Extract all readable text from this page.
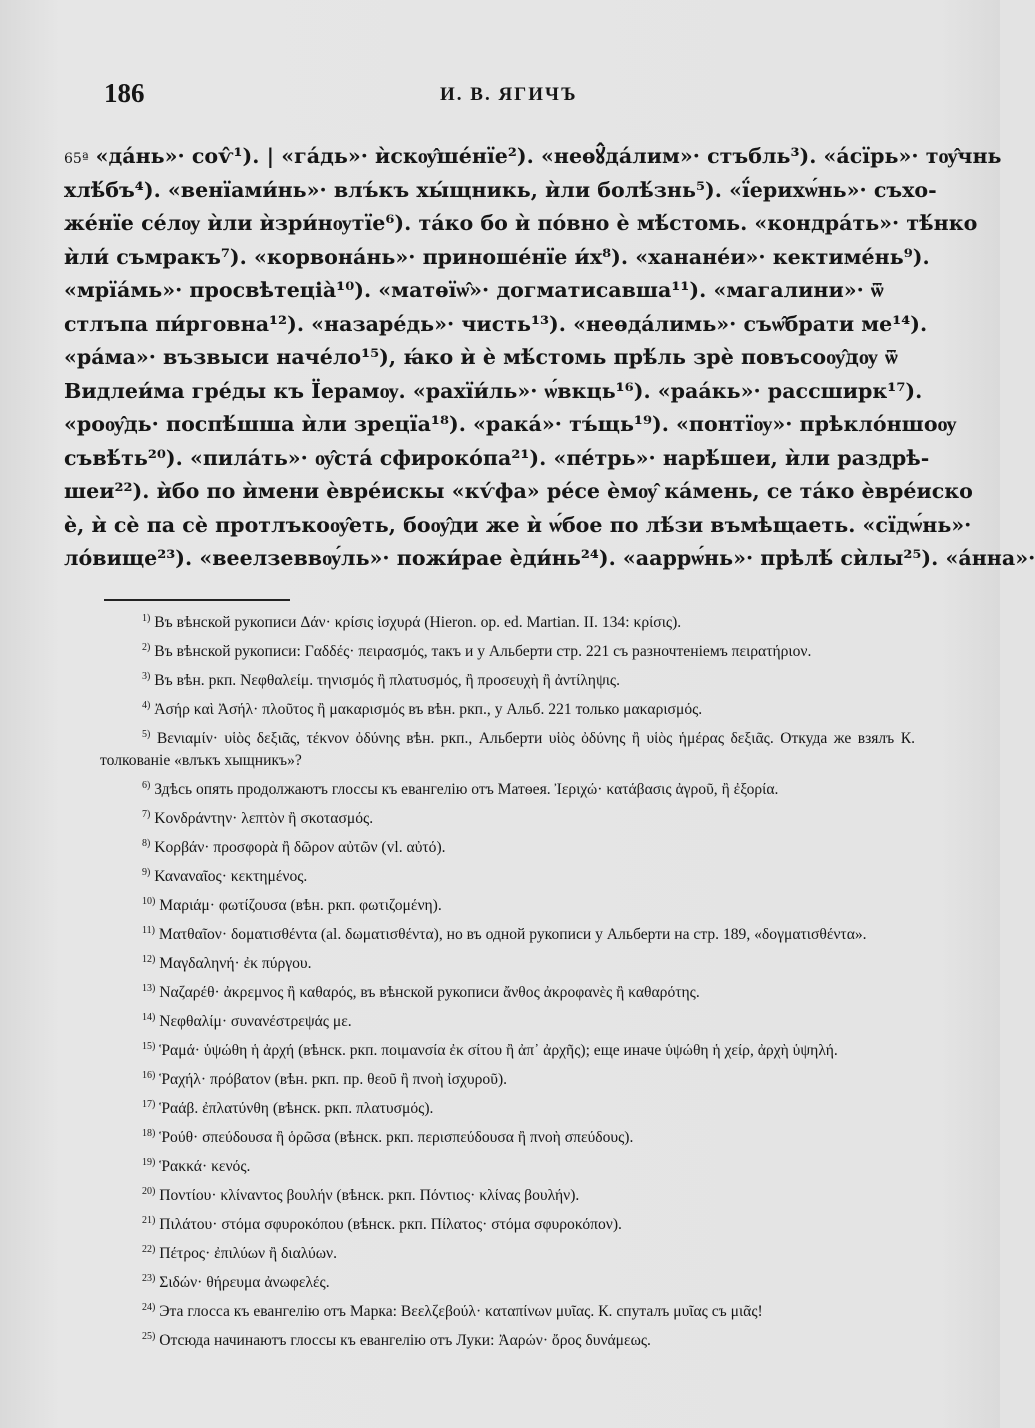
186	И. В. ЯГИЧЪ
65ª «дáнь»· соѵ̂¹). | «гáдь»· ѝскѹ̂шéнїе²). «неѳꙋ̂дáлим»· стъбль³). «áсїрь»· тѹ̂чнь
хлѣ́бъ⁴). «венїами́нь»· влъ́къ хы́щникь, ѝли болѣ́знь⁵). «ї́ерихѡ́нь»· съхо-
жéнїе сéлѹ ѝли ѝзри́нѹтїе⁶). тáко бо ѝ пóвно ѐ мѣ́стомь. «кондрáть»· тѣ́нко
ѝли́ съмракъ⁷). «корвонáнь»· приношéнїе и́х⁸). «хананéи»· кектимéнь⁹).
«мрїáмь»· просвѣтеціа̀¹⁰). «матѳїѡ̂»· догматисавша¹¹). «магалини»· ѿ
стлъпа пи́рговна¹²). «назарéдь»· чисть¹³). «неѳдáлимь»· съѡ̂брати ме¹⁴).
«рáма»· възвыси начéло¹⁵), ꙗ́ко ѝ ѐ мѣ́стомь прѣ́ль зрѐ повъсоѹ̂дѹ ѿ
Видлеи́ма грéды къ Їерамѹ. «рахїи́ль»· ѡ́вкць¹⁶). «раáкь»· рассширк¹⁷).
«роѹ̂дь· поспѣ́шша ѝли зрецїа¹⁸). «ракá»· тъ́щь¹⁹). «понтїѹ»· прѣклóншоѹ
съвѣ́ть²⁰). «пилáть»· ѹ̂стá сфирокóпа²¹). «пéтрь»· нарѣ́шеи, ѝли раздрѣ-
шеи²²). ѝбо по ѝмени ѐврéискы «кѵ́фа» рéсе ѐмѹ̂ кáмень, се тáко ѐврéиско
ѐ, ѝ сѐ па сѐ протлъкоѹ̂еть, боѹ̂ди же ѝ ѡ́бое по лѣ́зи въмѣщаеть. «сїдѡ́нь»·
лóвище²³). «веелзеввѹ́ль»· пожи́рае ѐди́нь²⁴). «ааррѡ́нь»· прѣлѣ́ сѝлы²⁵). «áнна»·

$^{1)}$ Въ вѣнской рукописи Δάν· κρίσις ἰσχυρά (Hieron. op. ed. Martian. II. 134: κρίσις).

$^{2)}$ Въ вѣнской рукописи: Γαδδές· πειρασμός, такъ и у Альберти стр. 221 съ разночтеніемъ πειρατήριον.

$^{3)}$ Въ вѣн. ркп. Νεφθαλείμ. τηνισμός ἢ πλατυσμός, ἢ προσευχὴ ἢ ἀντίληψις.

$^{4)}$ Ἀσήρ καὶ Ἀσήλ· πλοῦτος ἢ μακαρισμός въ вѣн. ркп., у Альб. 221 только μακαρισμός.

$^{5)}$ Βενιαμίν· υἱὸς δεξιᾶς, τέκνον ὀδύνης вѣн. ркп., Альберти υἱὸς ὀδύνης ἢ υἱὸς ἡμέρας δεξιᾶς. Откуда же взялъ К. толкованіе «влъкъ хыщникъ»?

$^{6)}$ Здѣсь опять продолжаютъ глоссы къ евангелію отъ Матѳея. Ἰεριχώ· κατάβασις ἀγροῦ, ἢ ἐξορία.

$^{7)}$ Κονδράντην· λεπτὸν ἢ σκοτασμός.

$^{8)}$ Κορβάν· προσφορὰ ἢ δῶρον αὐτῶν (vl. αὐτό).

$^{9)}$ Καναναῖος· κεκτημένος.

$^{10)}$ Μαριάμ· φωτίζουσα (вѣн. ркп. φωτιζομένη).

$^{11)}$ Ματθαῖον· δοματισθέντα (al. δωματισθέντα), но въ одной рукописи у Альберти на стр. 189, «δογματισθέντα».

$^{12)}$ Μαγδαληνή· ἐκ πύργου.

$^{13)}$ Ναζαρέθ· ἀκρεμνος ἢ καθαρός, въ вѣнской рукописи ἄνθος ἀκροφανὲς ἢ καθαρότης.

$^{14)}$ Νεφθαλίμ· συνανέστρεψάς με.

$^{15)}$ Ῥαμά· ὑψώθη ἡ ἀρχή (вѣнск. ркп. ποιμανσία ἐκ σίτου ἢ ἀπ᾿ ἀρχῆς); еще иначе ὑψώθη ἡ χείρ, ἀρχὴ ὑψηλή.

$^{16)}$ Ῥαχήλ· πρόβατον (вѣн. ркп. пр. θεοῦ ἢ πνοὴ ἰσχυροῦ).

$^{17)}$ Ῥαάβ. ἐπλατύνθη (вѣнск. ркп. πλατυσμός).

$^{18)}$ Ῥούθ· σπεύδουσα ἢ ὁρῶσα (вѣнск. ркп. περισπεύδουσα ἢ πνοὴ σπεύδους).

$^{19)}$ Ῥακκά· κενός.

$^{20)}$ Ποντίου· κλίναντος βουλήν (вѣнск. ркп. Πόντιος· κλίνας βουλήν).

$^{21)}$ Πιλάτου· στόμα σφυροκόπου (вѣнск. ркп. Πίλατος· στόμα σφυροκόπον).

$^{22)}$ Πέτρος· ἐπιλύων ἢ διαλύων.

$^{23)}$ Σιδών· θήρευμα ἀνωφελές.

$^{24)}$ Эта глосса къ евангелію отъ Марка: Βεελζεβούλ· καταπίνων μυῖας. К. спуталъ μυῖας съ μιᾶς!

$^{25)}$ Отсюда начинаютъ глоссы къ евангелію отъ Луки: Ἀαρών· ὄρος δυνάμεως.
